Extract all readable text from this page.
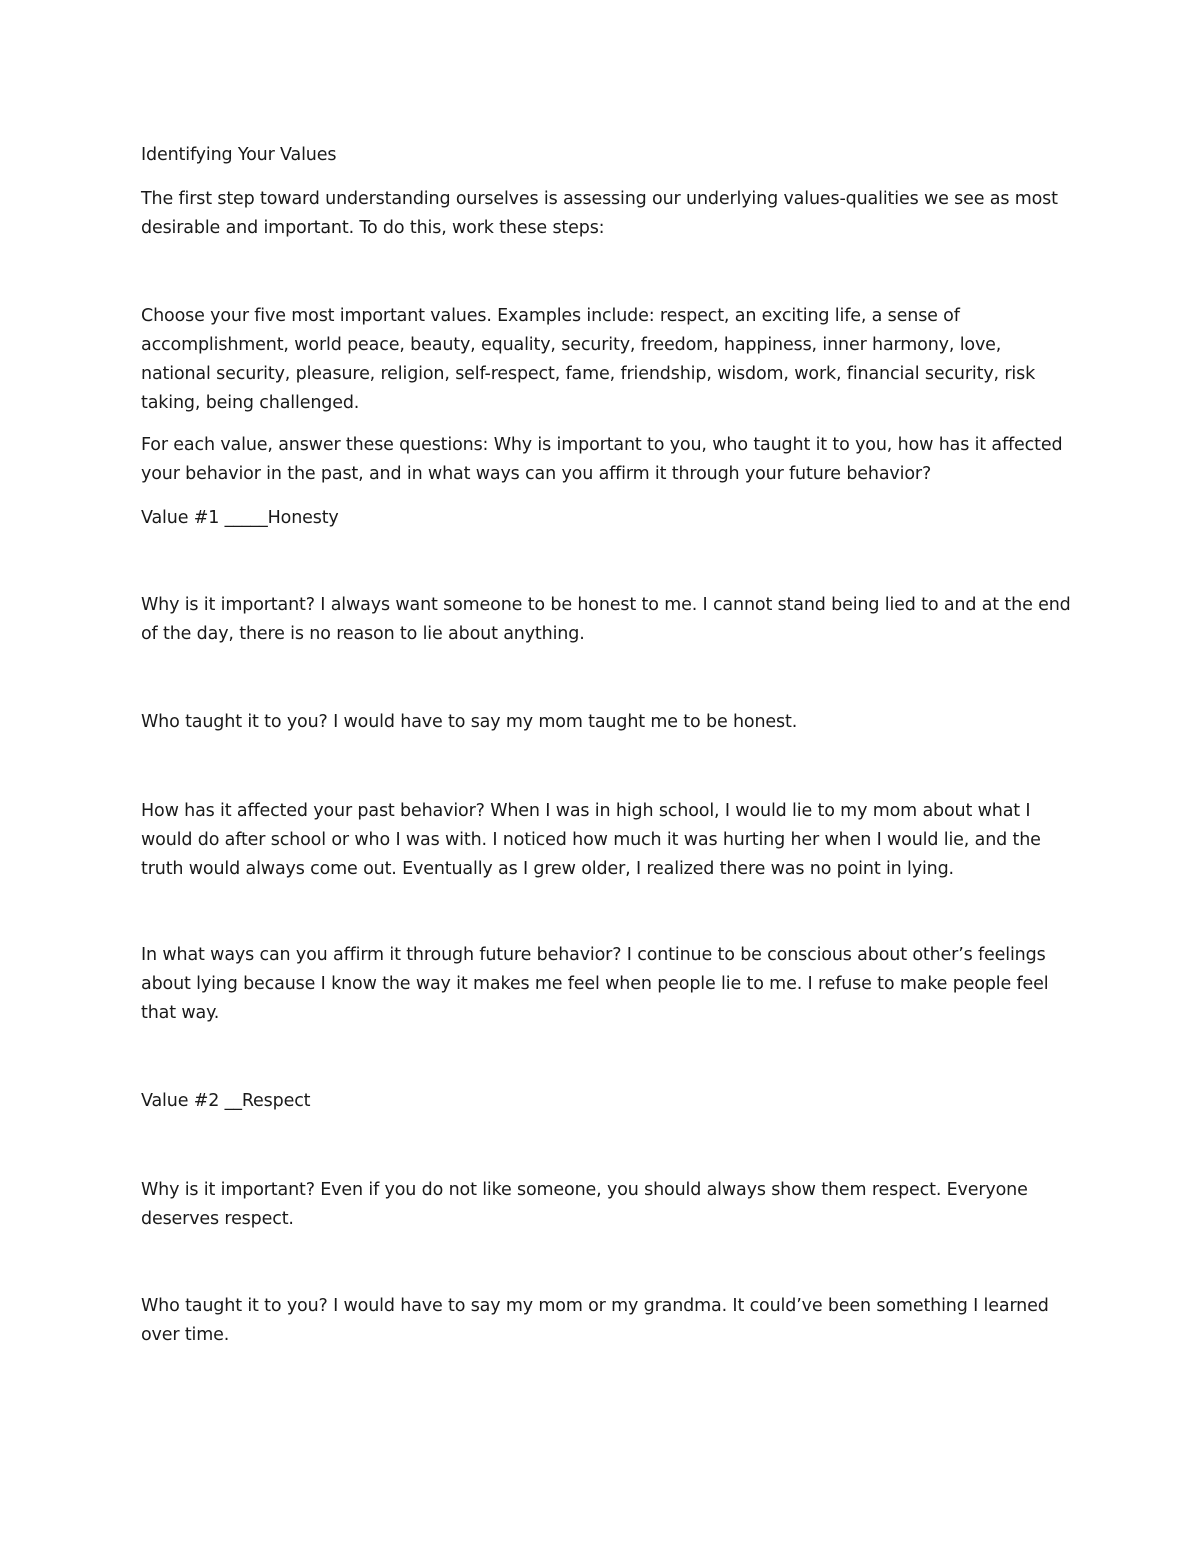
Identifying Your Values

The first step toward understanding ourselves is assessing our underlying values-qualities we see as most desirable and important. To do this, work these steps:

Choose your five most important values. Examples include: respect, an exciting life, a sense of accomplishment, world peace, beauty, equality, security, freedom, happiness, inner harmony, love, national security, pleasure, religion, self-respect, fame, friendship, wisdom, work, financial security, risk taking, being challenged.

For each value, answer these questions: Why is important to you, who taught it to you, how has it affected your behavior in the past, and in what ways can you affirm it through your future behavior?

Value #1 _____Honesty

Why is it important? I always want someone to be honest to me. I cannot stand being lied to and at the end of the day, there is no reason to lie about anything.

Who taught it to you? I would have to say my mom taught me to be honest.

How has it affected your past behavior? When I was in high school, I would lie to my mom about what I would do after school or who I was with. I noticed how much it was hurting her when I would lie, and the truth would always come out. Eventually as I grew older, I realized there was no point in lying.

In what ways can you affirm it through future behavior? I continue to be conscious about other’s feelings about lying because I know the way it makes me feel when people lie to me. I refuse to make people feel that way.

Value #2 __Respect

Why is it important? Even if you do not like someone, you should always show them respect. Everyone deserves respect.

Who taught it to you? I would have to say my mom or my grandma. It could’ve been something I learned over time.
